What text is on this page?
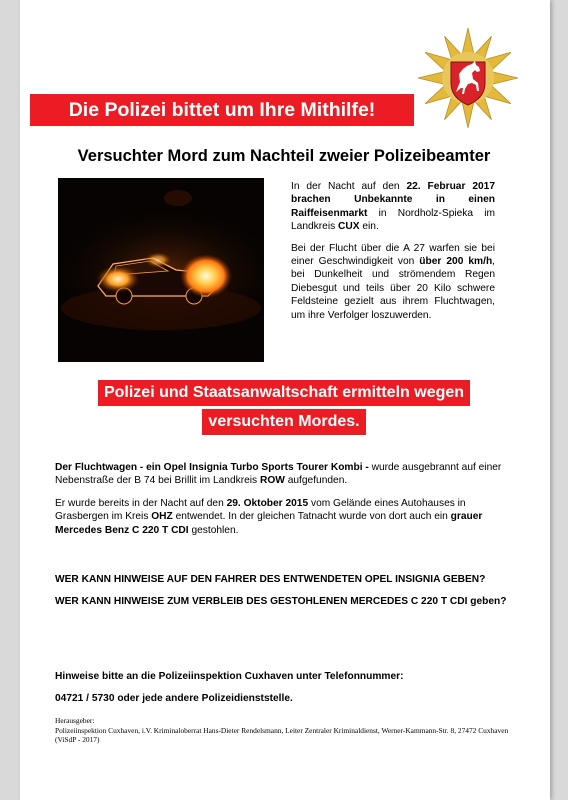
Die Polizei bittet um Ihre Mithilfe!
Versuchter Mord zum Nachteil zweier Polizeibeamter

In der Nacht auf den 22. Februar 2017 brachen Unbekannte in einen Raiffeisenmarkt in Nordholz-Spieka im Landkreis CUX ein.

Bei der Flucht über die A 27 warfen sie bei einer Geschwindigkeit von über 200 km/h, bei Dunkelheit und strömendem Regen Diebesgut und teils über 20 Kilo schwere Feldsteine gezielt aus ihrem Fluchtwagen, um ihre Verfolger loszuwerden.

Polizei und Staatsanwaltschaft ermitteln wegen
versuchten Mordes.

Der Fluchtwagen - ein Opel Insignia Turbo Sports Tourer Kombi - wurde ausgebrannt auf einer Nebenstraße der B 74 bei Brillit im Landkreis ROW aufgefunden.

Er wurde bereits in der Nacht auf den 29. Oktober 2015 vom Gelände eines Autohauses in Grasbergen im Kreis OHZ entwendet. In der gleichen Tatnacht wurde von dort auch ein grauer Mercedes Benz C 220 T CDI gestohlen.

WER KANN HINWEISE AUF DEN FAHRER DES ENTWENDETEN OPEL INSIGNIA GEBEN?

WER KANN HINWEISE ZUM VERBLEIB DES GESTOHLENEN MERCEDES C 220 T CDI geben?

Hinweise bitte an die Polizeiinspektion Cuxhaven unter Telefonnummer:

04721 / 5730 oder jede andere Polizeidienststelle.

Herausgeber:

Polizeiinspektion Cuxhaven, i.V. Kriminaloberrat Hans-Dieter Rendelsmann, Leiter Zentraler Kriminaldienst, Werner-Kammann-Str. 8, 27472 Cuxhaven (ViSdP - 2017)
